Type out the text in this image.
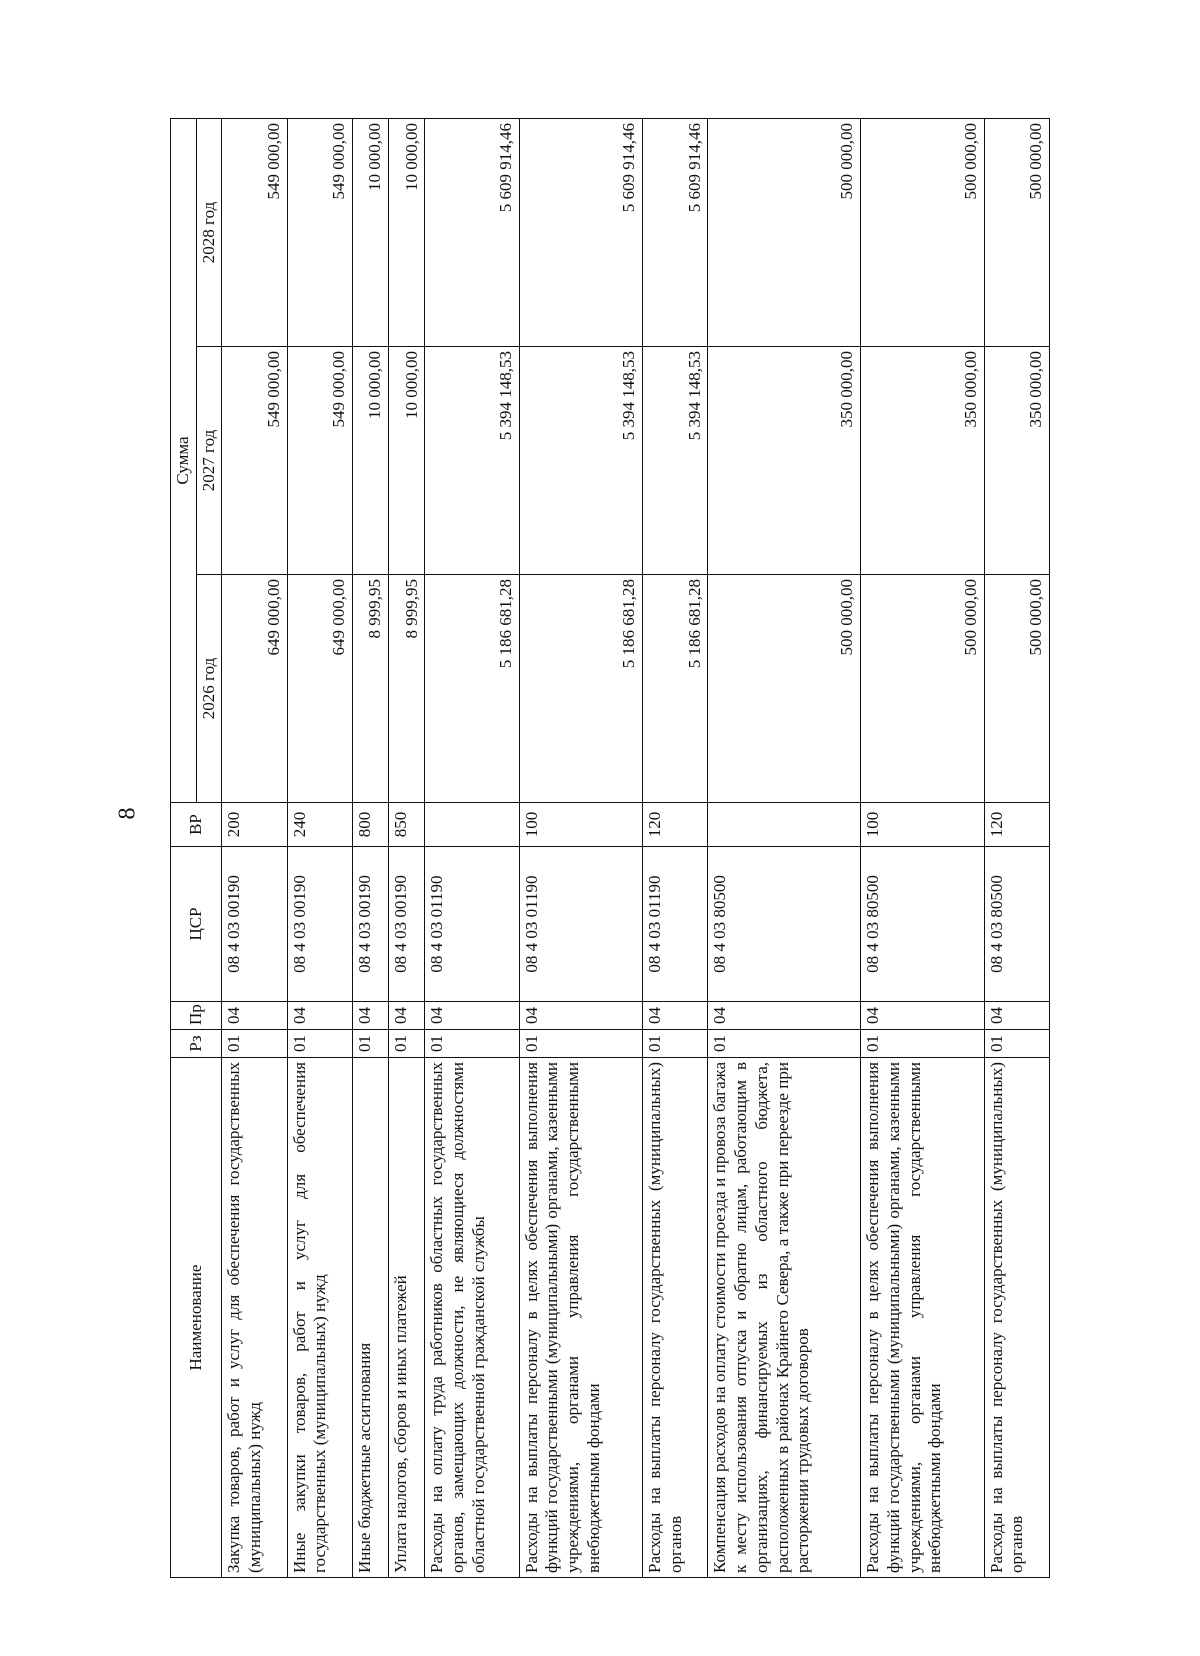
8
Наименование	Рз	Пр	ЦСР	ВР	Сумма		
					2026 год	2027 год	2028 год
Закупка товаров, работ и услуг для обеспечения государственных (муниципальных) нужд	01	04	08 4 03 00190	200	649 000,00	549 000,00	549 000,00
Иные закупки товаров, работ и услуг для обеспечения государственных (муниципальных) нужд	01	04	08 4 03 00190	240	649 000,00	549 000,00	549 000,00
Иные бюджетные ассигнования	01	04	08 4 03 00190	800	8 999,95	10 000,00	10 000,00
Уплата налогов, сборов и иных платежей	01	04	08 4 03 00190	850	8 999,95	10 000,00	10 000,00
Расходы на оплату труда работников областных государственных органов, замещающих должности, не являющиеся должностями областной государственной гражданской службы	01	04	08 4 03 01190		5 186 681,28	5 394 148,53	5 609 914,46
Расходы на выплаты персоналу в целях обеспечения выполнения функций государственными (муниципальными) органами, казенными учреждениями, органами управления государственными внебюджетными фондами	01	04	08 4 03 01190	100	5 186 681,28	5 394 148,53	5 609 914,46
Расходы на выплаты персоналу государственных (муниципальных) органов	01	04	08 4 03 01190	120	5 186 681,28	5 394 148,53	5 609 914,46
Компенсация расходов на оплату стоимости проезда и провоза багажа к месту использования отпуска и обратно лицам, работающим в организациях, финансируемых из областного бюджета, расположенных в районах Крайнего Севера, а также при переезде при расторжении трудовых договоров	01	04	08 4 03 80500		500 000,00	350 000,00	500 000,00
Расходы на выплаты персоналу в целях обеспечения выполнения функций государственными (муниципальными) органами, казенными учреждениями, органами управления государственными внебюджетными фондами	01	04	08 4 03 80500	100	500 000,00	350 000,00	500 000,00
Расходы на выплаты персоналу государственных (муниципальных) органов	01	04	08 4 03 80500	120	500 000,00	350 000,00	500 000,00
